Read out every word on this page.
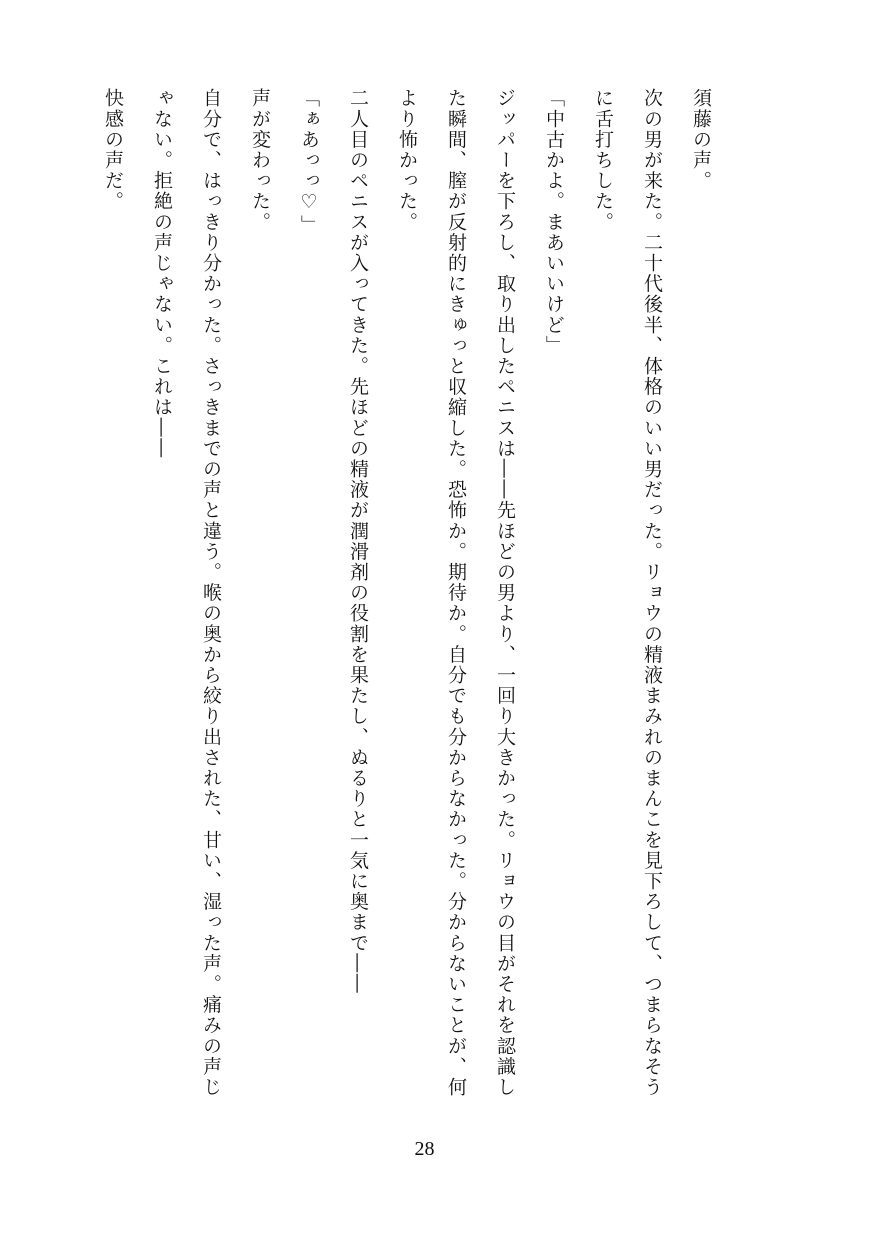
須藤の声。

次の男が来た。二十代後半、体格のいい男だった。リョウの精液まみれのまんこを見下ろして、つまらなそうに舌打ちした。

「中古かよ。まあいいけど」

ジッパーを下ろし、取り出したペニスは――先ほどの男より、一回り大きかった。リョウの目がそれを認識した瞬間、膣が反射的にきゅっと収縮した。恐怖か。期待か。自分でも分からなかった。分からないことが、何より怖かった。

二人目のペニスが入ってきた。先ほどの精液が潤滑剤の役割を果たし、ぬるりと一気に奥まで――

「ぁあっっ♡」

声が変わった。

自分で、はっきり分かった。さっきまでの声と違う。喉の奥から絞り出された、甘い、湿った声。痛みの声じゃない。拒絶の声じゃない。これは――

快感の声だ。

28
